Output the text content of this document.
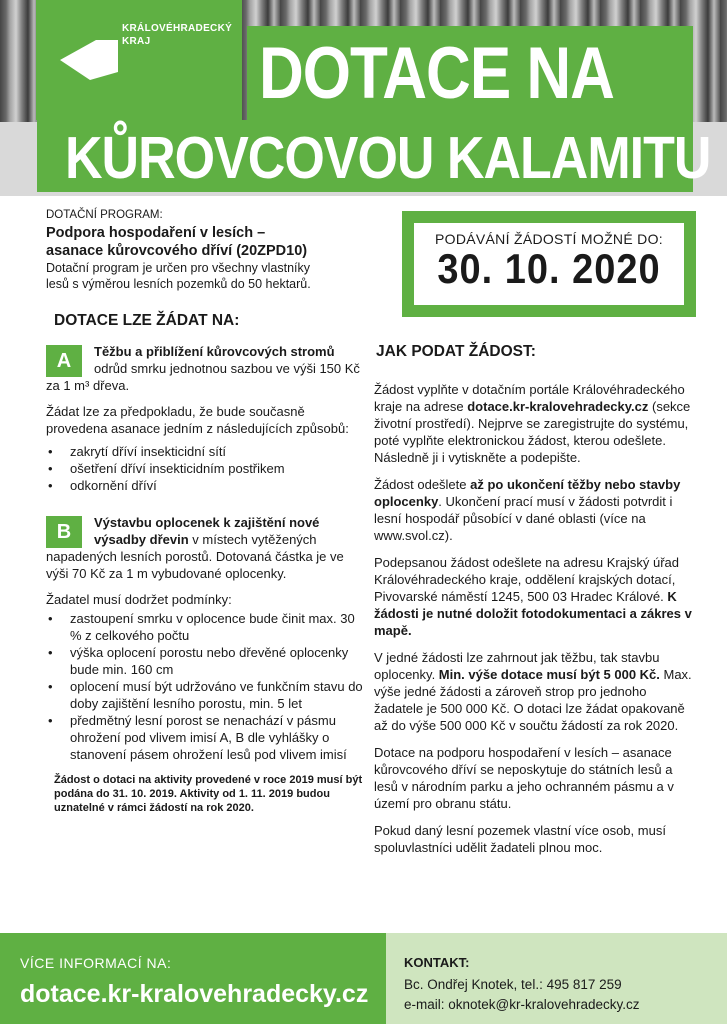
KRÁLOVÉHRADECKÝ
KRAJ	DOTACE NA
KŮROVCOVOU KALAMITU
DOTAČNÍ PROGRAM:
Podpora hospodaření v lesích –
asanace kůrovcového dříví (20ZPD10)
Dotační program je určen pro všechny vlastníky
lesů s výměrou lesních pozemků do 50 hektarů.
DOTACE LZE ŽÁDAT NA:
A	Těžbu a přiblížení kůrovcových stromů odrůd smrku jednotnou sazbou ve výši 150 Kč za 1 m³ dřeva.
Žádat lze za předpokladu, že bude současně provedena asanace jedním z následujících způsobů:
• zakrytí dříví insekticidní sítí
• ošetření dříví insekticidním postřikem
• odkornění dříví
B	Výstavbu oplocenek k zajištění nové výsadby dřevin v místech vytěžených napadených lesních porostů. Dotovaná částka je ve výši 70 Kč za 1 m vybudované oplocenky.
Žadatel musí dodržet podmínky:
• zastoupení smrku v oplocence bude činit max. 30 % z celkového počtu
• výška oplocení porostu nebo dřevěné oplocenky bude min. 160 cm
• oplocení musí být udržováno ve funkčním stavu do doby zajištění lesního porostu, min. 5 let
• předmětný lesní porost se nenachází v pásmu ohrožení pod vlivem imisí A, B dle vyhlášky o stanovení pásem ohrožení lesů pod vlivem imisí
Žádost o dotaci na aktivity provedené v roce 2019 musí být podána do 31. 10. 2019. Aktivity od 1. 11. 2019 budou uznatelné v rámci žádostí na rok 2020.
PODÁVÁNÍ ŽÁDOSTÍ MOŽNÉ DO:
30. 10. 2020
JAK PODAT ŽÁDOST:

Žádost vyplňte v dotačním portále Královéhradeckého kraje na adrese dotace.kr-kralovehradecky.cz (sekce životní prostředí). Nejprve se zaregistrujte do systému, poté vyplňte elektronickou žádost, kterou odešlete. Následně ji i vytiskněte a podepište.

Žádost odešlete až po ukončení těžby nebo stavby oplocenky. Ukončení prací musí v žádosti potvrdit i lesní hospodář působící v dané oblasti (více na www.svol.cz).

Podepsanou žádost odešlete na adresu Krajský úřad Královéhradeckého kraje, oddělení krajských dotací, Pivovarské náměstí 1245, 500 03 Hradec Králové. K žádosti je nutné doložit fotodokumentaci a zákres v mapě.

V jedné žádosti lze zahrnout jak těžbu, tak stavbu oplocenky. Min. výše dotace musí být 5 000 Kč. Max. výše jedné žádosti a zároveň strop pro jednoho žadatele je 500 000 Kč. O dotaci lze žádat opakovaně až do výše 500 000 Kč v součtu žádostí za rok 2020.

Dotace na podporu hospodaření v lesích – asanace kůrovcového dříví se neposkytuje do státních lesů a lesů v národním parku a jeho ochranném pásmu a v území pro obranu státu.

Pokud daný lesní pozemek vlastní více osob, musí spoluvlastníci udělit žadateli plnou moc.

VÍCE INFORMACÍ NA:
dotace.kr-kralovehradecky.cz
KONTAKT:
Bc. Ondřej Knotek, tel.: 495 817 259
e-mail: oknotek@kr-kralovehradecky.cz
